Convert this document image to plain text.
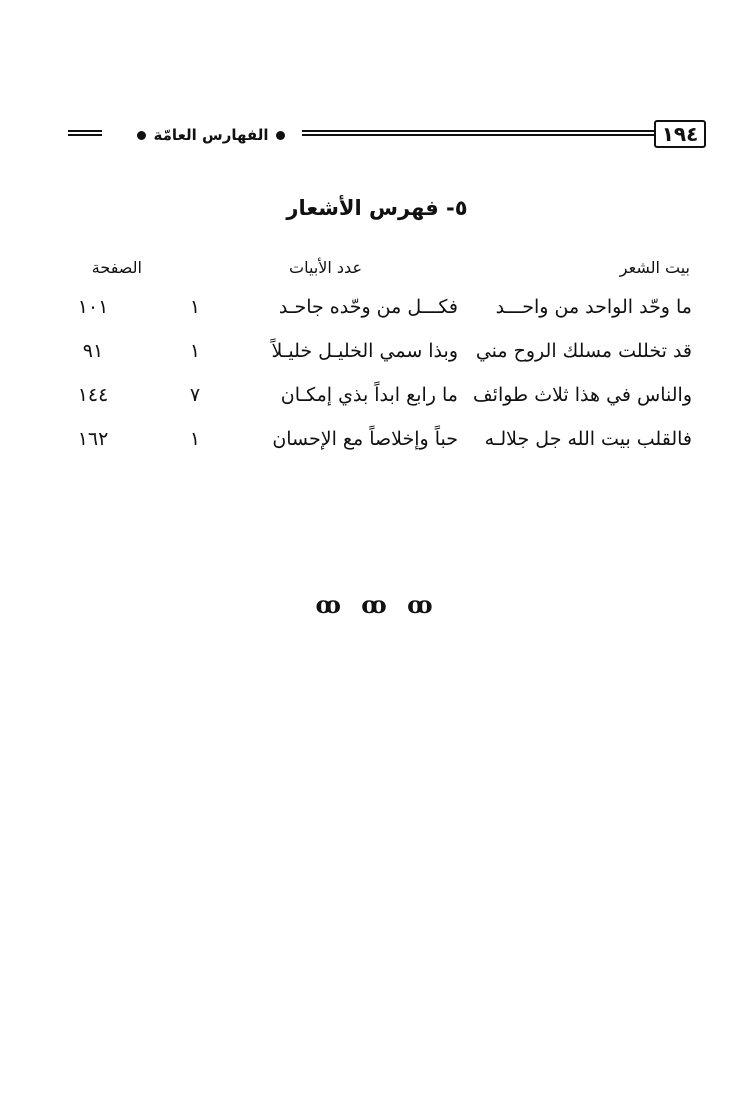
١٩٤
الفهارس العامّة
٥- فهرس الأشعار
بيت الشعر
عدد الأبيات
الصفحة
ما وحّد الواحد من واحـــد
فكـــل من وحّده جاحـد
١
١٠١
قد تخللت مسلك الروح مني
وبذا سمي الخليـل خليـلاً
١
٩١
والناس في هذا ثلاث طوائف
ما رابع ابداً بذي إمكـان
٧
١٤٤
فالقلب بيت الله جل جلالـه
حباً وإخلاصاً مع الإحسان
١
١٦٢
ꝏ ꝏ ꝏ
